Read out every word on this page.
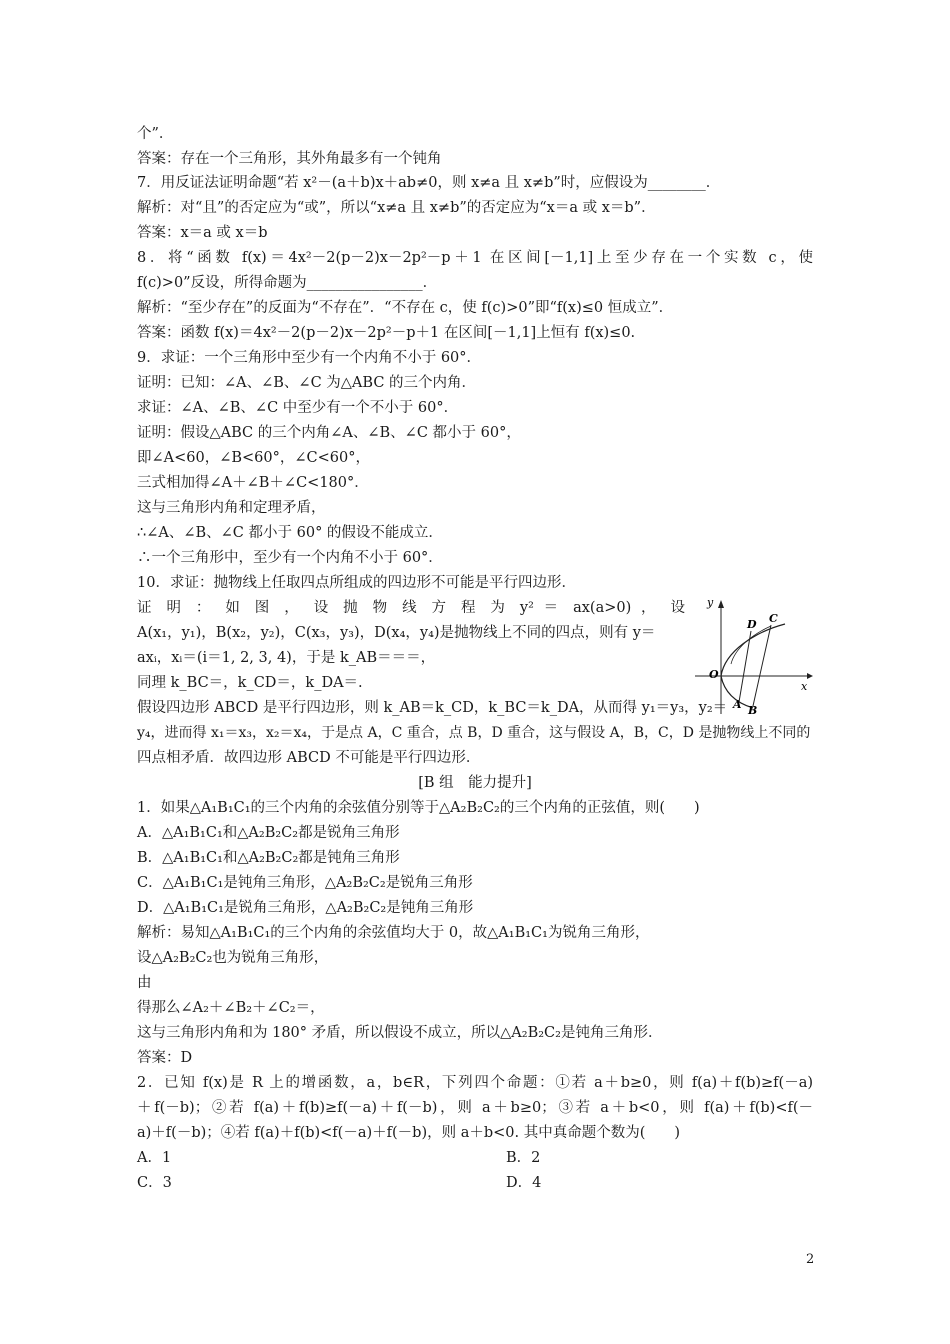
个”．
答案：存在一个三角形，其外角最多有一个钝角
7．用反证法证明命题“若 x²－(a＋b)x＋ab≠0，则 x≠a 且 x≠b”时，应假设为________．
解析：对“且”的否定应为“或”，所以“x≠a 且 x≠b”的否定应为“x＝a 或 x＝b”．
答案：x＝a 或 x＝b
8．将“函数 f(x)＝4x²－2(p－2)x－2p²－p＋1 在区间[－1,1]上至少存在一个实数 c，使
f(c)>0”反设，所得命题为________________．
解析：“至少存在”的反面为“不存在”．“不存在 c，使 f(c)>0”即“f(x)≤0 恒成立”．
答案：函数 f(x)＝4x²－2(p－2)x－2p²－p＋1 在区间[－1,1]上恒有 f(x)≤0.
9．求证：一个三角形中至少有一个内角不小于 60°．
证明：已知：∠A、∠B、∠C 为△ABC 的三个内角．
求证：∠A、∠B、∠C 中至少有一个不小于 60°．
证明：假设△ABC 的三个内角∠A、∠B、∠C 都小于 60°，
即∠A<60，∠B<60°，∠C<60°，
三式相加得∠A＋∠B＋∠C<180°．
这与三角形内角和定理矛盾，
∴∠A、∠B、∠C 都小于 60° 的假设不能成立．
∴一个三角形中，至少有一个内角不小于 60°．
10．求证：抛物线上任取四点所组成的四边形不可能是平行四边形．
证 明 ： 如 图 ， 设 抛 物 线 方 程 为 y² ＝ ax(a>0) ， 设
A(x₁，y₁)，B(x₂，y₂)，C(x₃，y₃)，D(x₄，y₄)是抛物线上不同的四点，则有 y＝
axᵢ，xᵢ＝(i＝1, 2, 3, 4)，于是 k_AB＝＝＝，
同理 k_BC＝，k_CD＝，k_DA＝.
假设四边形 ABCD 是平行四边形，则 k_AB＝k_CD，k_BC＝k_DA，从而得 y₁＝y₃，y₂＝
y₄，进而得 x₁＝x₃，x₂＝x₄，于是点 A，C 重合，点 B，D 重合，这与假设 A，B，C，D 是抛物线上不同的
四点相矛盾．故四边形 ABCD 不可能是平行四边形．
[B 组　能力提升]
1．如果△A₁B₁C₁的三个内角的余弦值分别等于△A₂B₂C₂的三个内角的正弦值，则(　　)
A．△A₁B₁C₁和△A₂B₂C₂都是锐角三角形
B．△A₁B₁C₁和△A₂B₂C₂都是钝角三角形
C．△A₁B₁C₁是钝角三角形，△A₂B₂C₂是锐角三角形
D．△A₁B₁C₁是锐角三角形，△A₂B₂C₂是钝角三角形
解析：易知△A₁B₁C₁的三个内角的余弦值均大于 0，故△A₁B₁C₁为锐角三角形，
设△A₂B₂C₂也为锐角三角形，
由
得那么∠A₂＋∠B₂＋∠C₂＝，
这与三角形内角和为 180° 矛盾，所以假设不成立，所以△A₂B₂C₂是钝角三角形．
答案：D
2．已知 f(x)是 R 上的增函数，a，b∈R，下列四个命题：①若 a＋b≥0，则 f(a)＋f(b)≥f(－a)
＋f(－b)；②若 f(a)＋f(b)≥f(－a)＋f(－b)，则 a＋b≥0；③若 a＋b<0，则 f(a)＋f(b)<f(－
a)＋f(－b)；④若 f(a)＋f(b)<f(－a)＋f(－b)，则 a＋b<0. 其中真命题个数为(　　)
A．1	B．2
C．3	D．4
y
x
O
A B
C
D
2
